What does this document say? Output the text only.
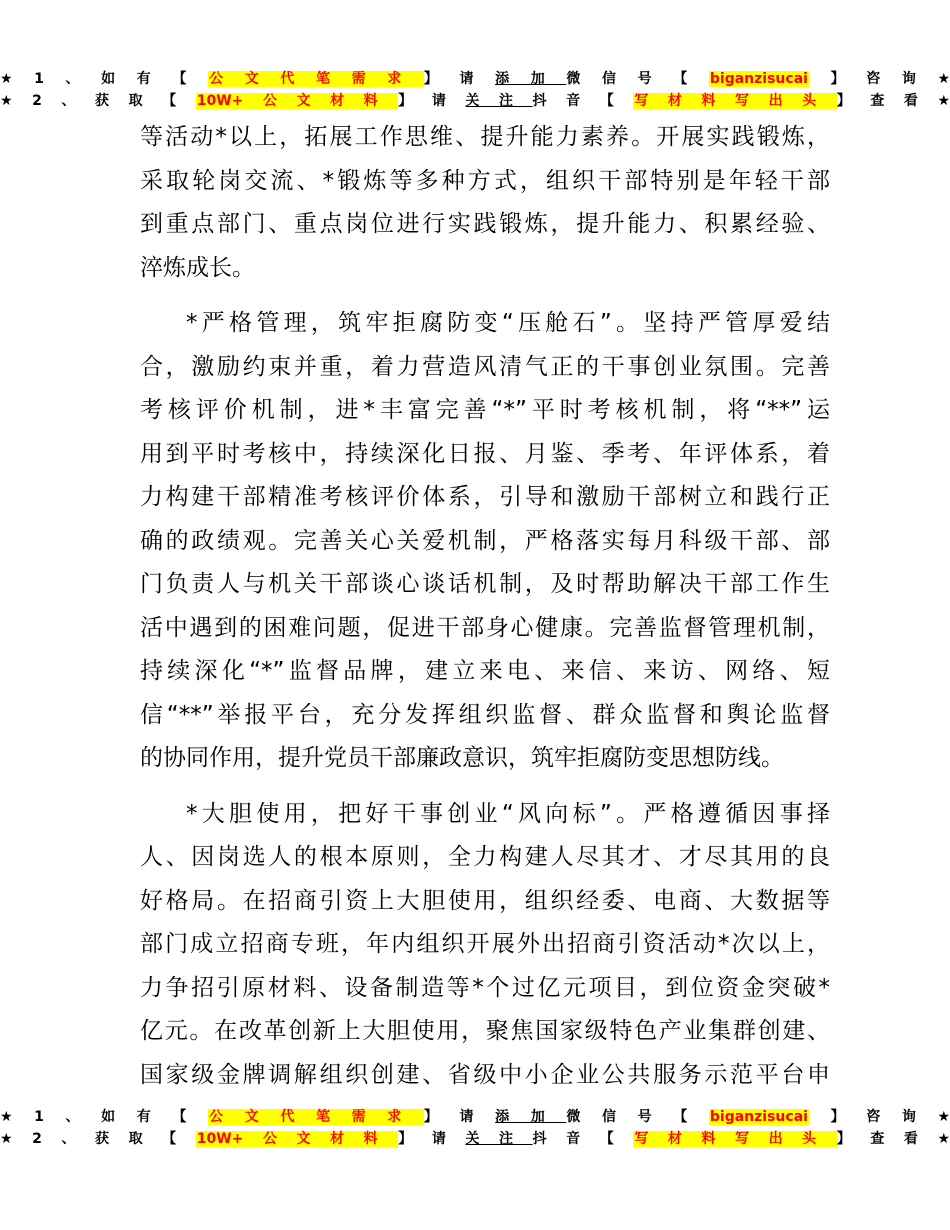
★1、如有【公文代笔需求】请添加微信号【biganzisucai】咨询★
★2、获取【10W+公文材料】请关注抖音【写材料写出头】查看★
等活动*以上，拓展工作思维、提升能力素养。开展实践锻炼，
采取轮岗交流、*锻炼等多种方式，组织干部特别是年轻干部
到重点部门、重点岗位进行实践锻炼，提升能力、积累经验、
淬炼成长。
*严格管理，筑牢拒腐防变“压舱石”。坚持严管厚爱结
合，激励约束并重，着力营造风清气正的干事创业氛围。完善
考核评价机制，进*丰富完善“*”平时考核机制，将“**”运
用到平时考核中，持续深化日报、月鉴、季考、年评体系，着
力构建干部精准考核评价体系，引导和激励干部树立和践行正
确的政绩观。完善关心关爱机制，严格落实每月科级干部、部
门负责人与机关干部谈心谈话机制，及时帮助解决干部工作生
活中遇到的困难问题，促进干部身心健康。完善监督管理机制，
持续深化“*”监督品牌，建立来电、来信、来访、网络、短
信“**”举报平台，充分发挥组织监督、群众监督和舆论监督
的协同作用，提升党员干部廉政意识，筑牢拒腐防变思想防线。
*大胆使用，把好干事创业“风向标”。严格遵循因事择
人、因岗选人的根本原则，全力构建人尽其才、才尽其用的良
好格局。在招商引资上大胆使用，组织经委、电商、大数据等
部门成立招商专班，年内组织开展外出招商引资活动*次以上，
力争招引原材料、设备制造等*个过亿元项目，到位资金突破*
亿元。在改革创新上大胆使用，聚焦国家级特色产业集群创建、
国家级金牌调解组织创建、省级中小企业公共服务示范平台申
★1、如有【公文代笔需求】请添加微信号【biganzisucai】咨询★
★2、获取【10W+公文材料】请关注抖音【写材料写出头】查看★
